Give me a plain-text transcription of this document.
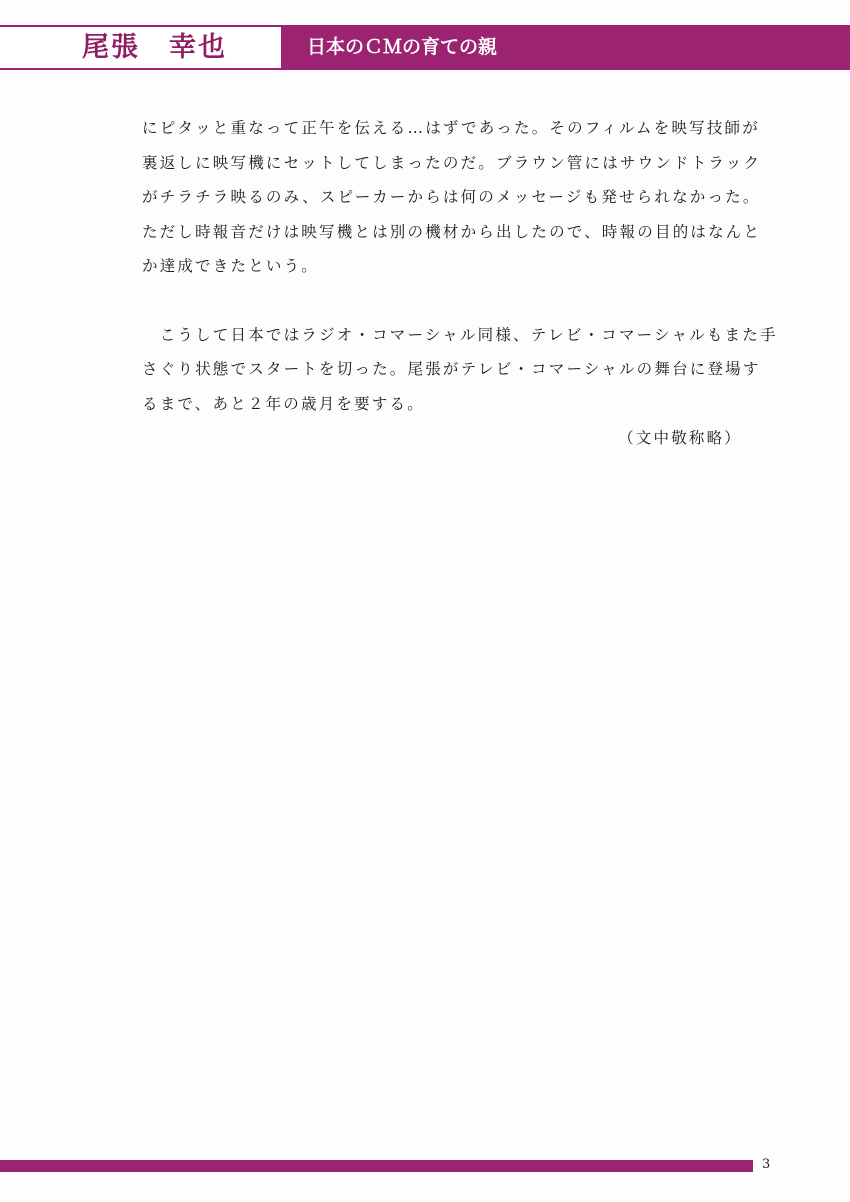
尾張　幸也	日本のＣＭの育ての親

にピタッと重なって正午を伝える…はずであった。そのフィルムを映写技師が
裏返しに映写機にセットしてしまったのだ。ブラウン管にはサウンドトラック
がチラチラ映るのみ、スピーカーからは何のメッセージも発せられなかった。
ただし時報音だけは映写機とは別の機材から出したので、時報の目的はなんと
か達成できたという。

　こうして日本ではラジオ・コマーシャル同様、テレビ・コマーシャルもまた手
さぐり状態でスタートを切った。尾張がテレビ・コマーシャルの舞台に登場す
るまで、あと２年の歳月を要する。

（文中敬称略）
3
